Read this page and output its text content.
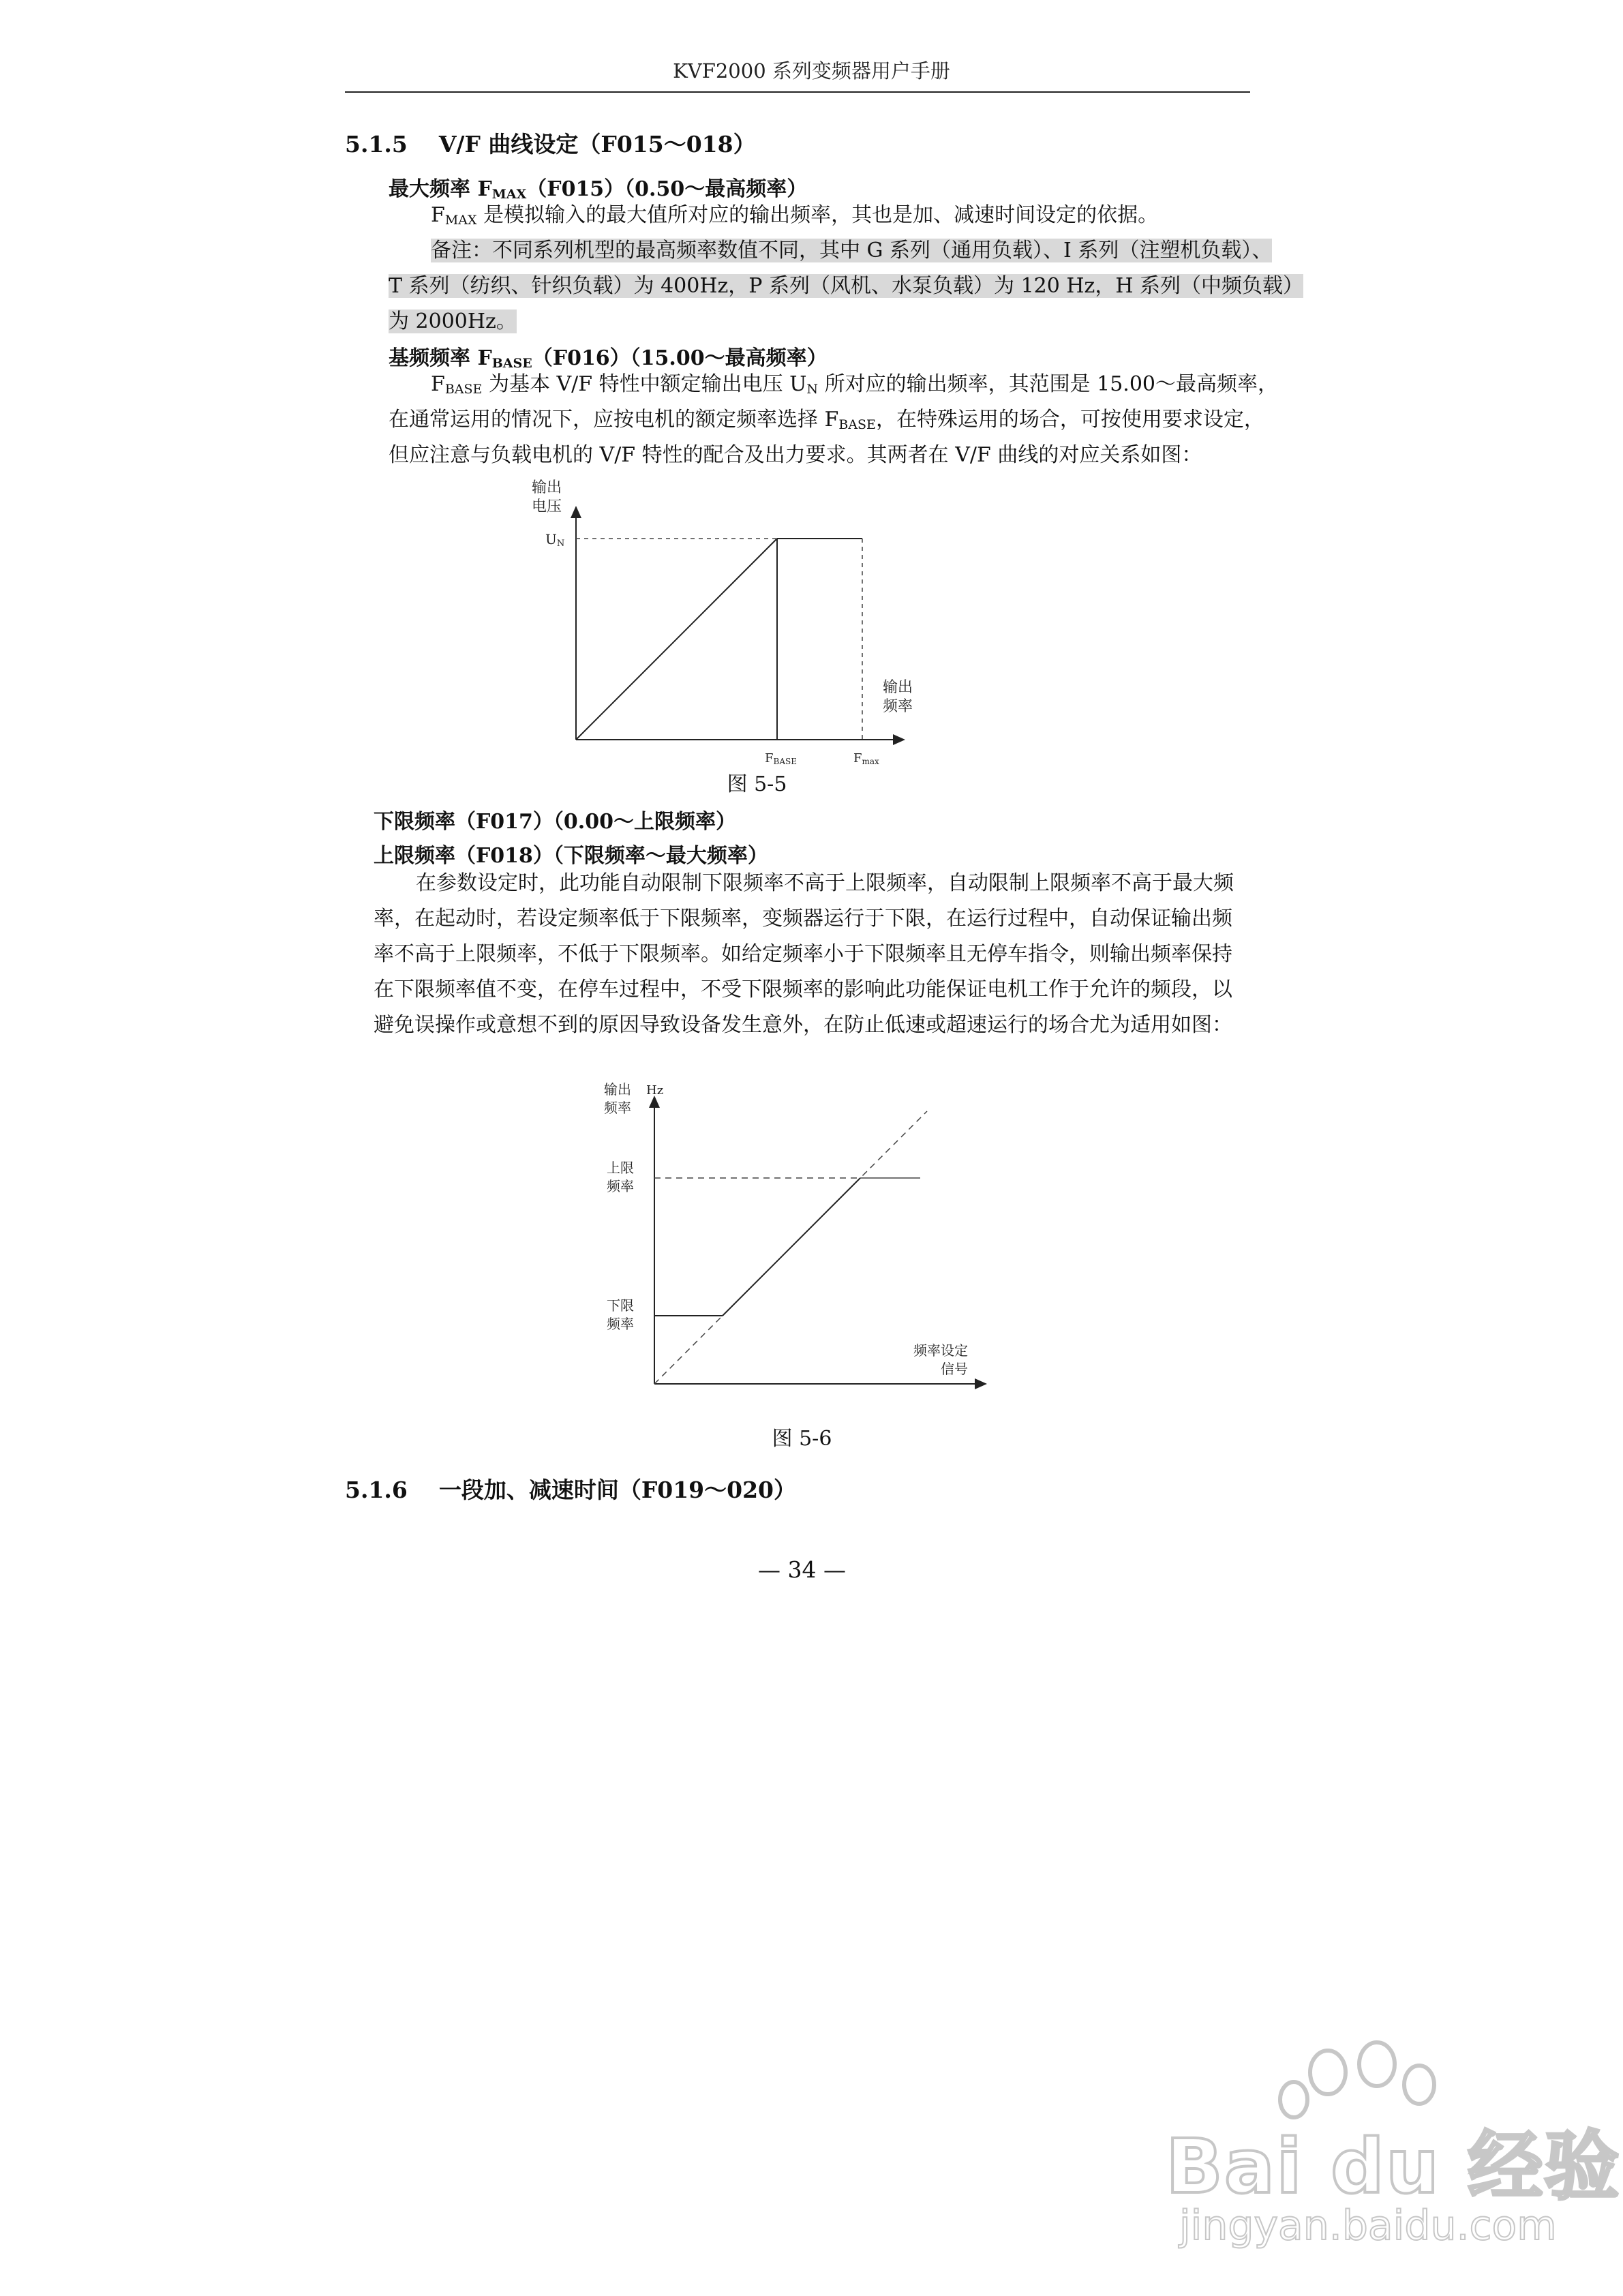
KVF2000 系列变频器用户手册
5.1.5    V/F 曲线设定（F015～018）
最大频率 $F_{MAX}(F015)(0.50\sim$最高频率）
$F_{MAX}$ 是模拟输入的最大值所对应的输出频率，其也是加、减速时间设定的依据。
备注：不同系列机型的最高频率数值不同，其中 G 系列（通用负载）、I 系列（注塑机负载）、
T 系列（纺织、针织负载）为 400Hz，P 系列（风机、水泵负载）为 120 Hz，H 系列（中频负载）
为 2000Hz。
基频频率 $F_{BASE}(F016)(15.00\sim$最高频率）
$F_{BASE}$ 为基本 V/F 特性中额定输出电压 $U_N$ 所对应的输出频率，其范围是 15.00～最高频率，
在通常运用的情况下，应按电机的额定频率选择 $F_{BASE}$，在特殊运用的场合，可按使用要求设定，
但应注意与负载电机的 V/F 特性的配合及出力要求。其两者在 V/F 曲线的对应关系如图：
输出
电压
UN
输出
频率
FBASE	Fmax
图 5-5
下限频率（F017）（0.00～上限频率）
上限频率（F018）（下限频率～最大频率）
在参数设定时，此功能自动限制下限频率不高于上限频率，自动限制上限频率不高于最大频
率，在起动时，若设定频率低于下限频率，变频器运行于下限，在运行过程中，自动保证输出频
率不高于上限频率，不低于下限频率。如给定频率小于下限频率且无停车指令，则输出频率保持
在下限频率值不变，在停车过程中，不受下限频率的影响此功能保证电机工作于允许的频段，以
避免误操作或意想不到的原因导致设备发生意外，在防止低速或超速运行的场合尤为适用如图：
输出
频率
Hz
上限
频率
下限
频率
频率设定
信号
图 5-6
5.1.6    一段加、减速时间（F019～020）
— 34 —
Bai du 经验
jingyan.baidu.com
